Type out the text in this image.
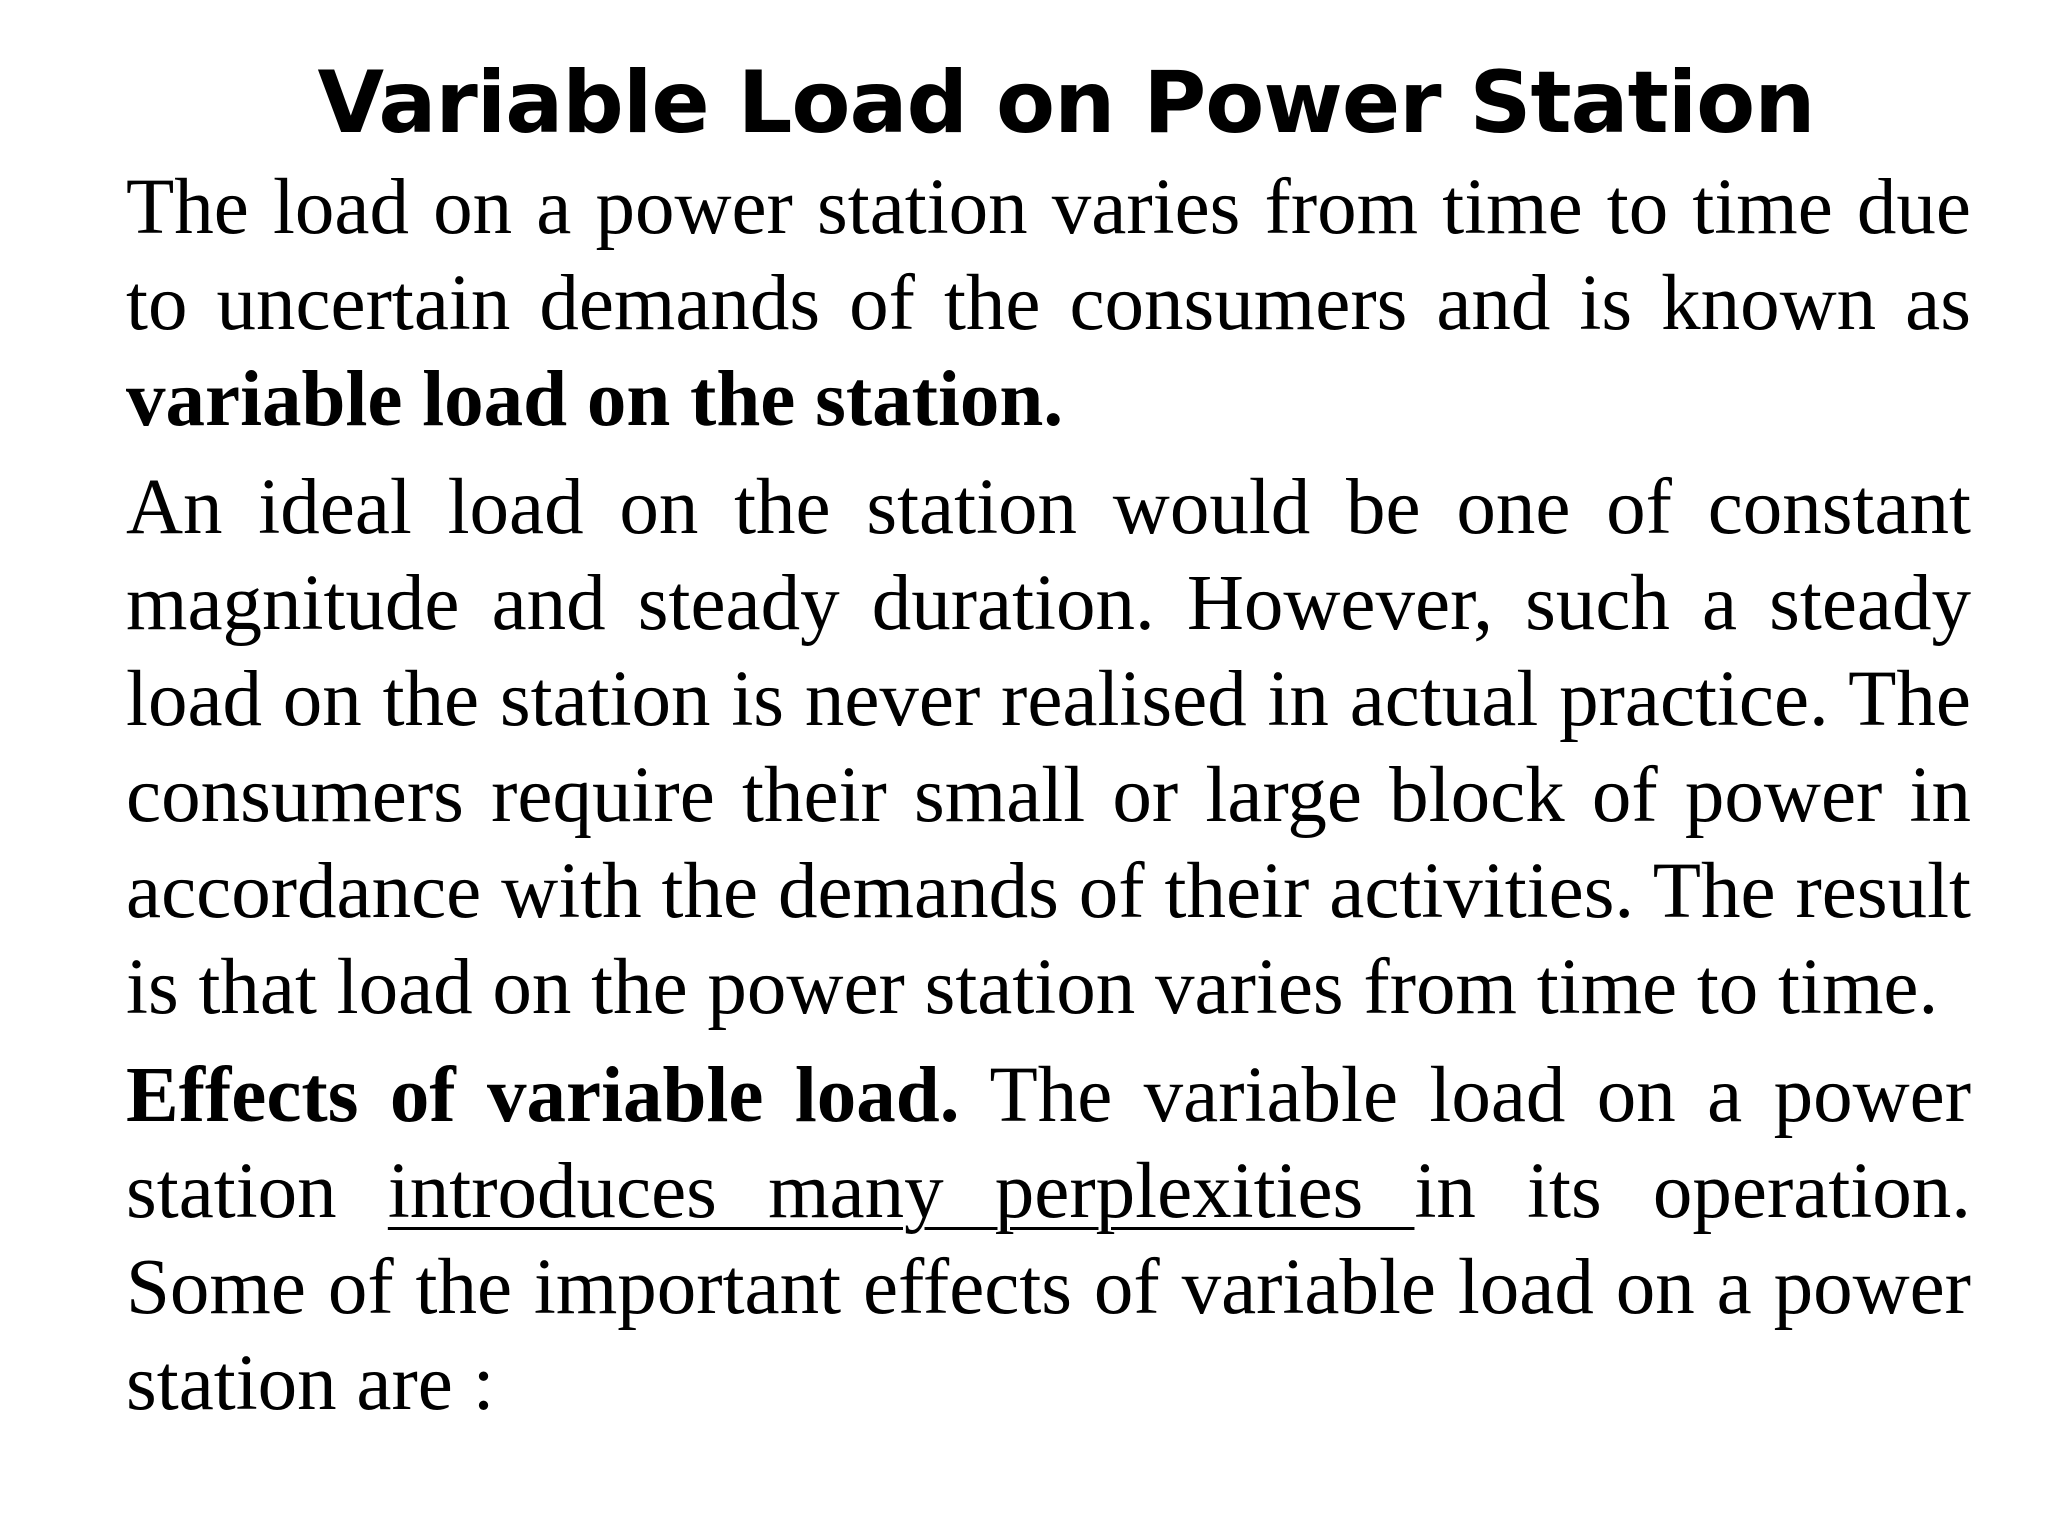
Variable Load on Power Station

The load on a power station varies from time to time due to uncertain demands of the consumers and is known as variable load on the station.

An ideal load on the station would be one of constant magnitude and steady duration. However, such a steady load on the station is never realised in actual practice. The consumers require their small or large block of power in accordance with the demands of their activities. The result is that load on the power station varies from time to time.

Effects of variable load. The variable load on a power station introduces many perplexities in its operation. Some of the important effects of variable load on a power station are :
